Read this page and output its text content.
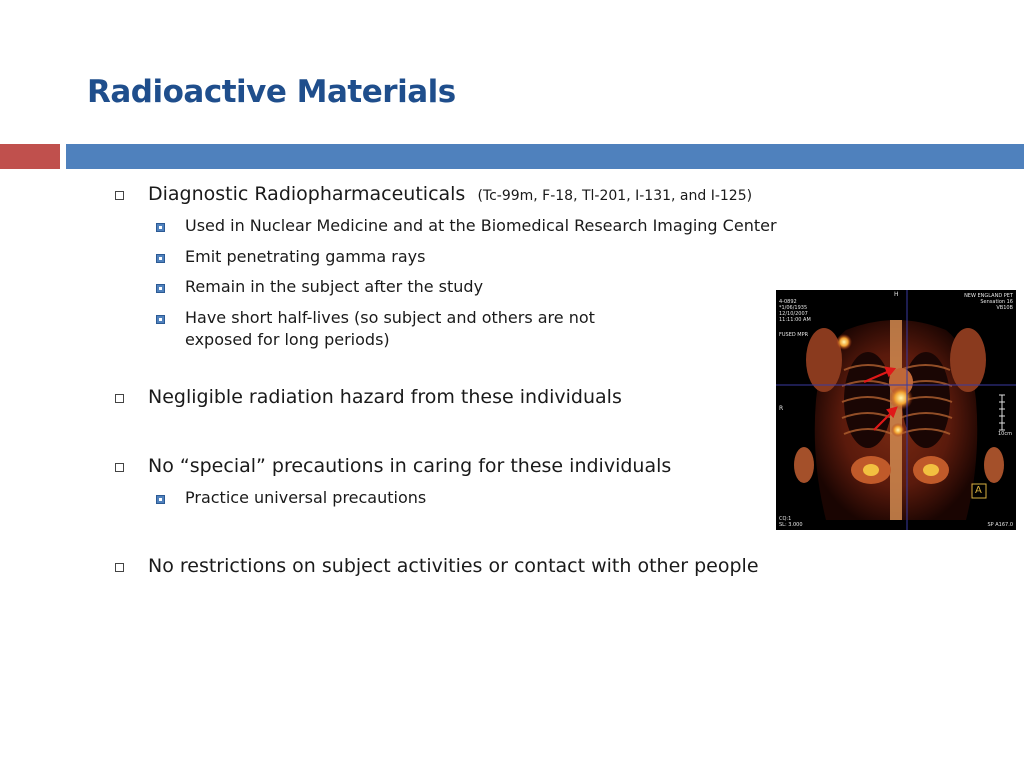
Radioactive Materials
Diagnostic Radiopharmaceuticals (Tc-99m, F-18, Tl-201, I-131, and I-125)
Used in Nuclear Medicine and at the Biomedical Research Imaging Center
Emit penetrating gamma rays
Remain in the subject after the study
Have short half-lives (so subject and others are not
exposed for long periods)
Negligible radiation hazard from these individuals
No “special” precautions in caring for these individuals
Practice universal precautions
No restrictions on subject activities or contact with other people
H
4-0892
*1/06/1935
12/10/2007
11:11:00 AM
FUSED MPR
NEW ENGLAND PET
Sensation 16
VB10B
R
10cm
A
CQ:1
SL: 3.000	SP A167.0
